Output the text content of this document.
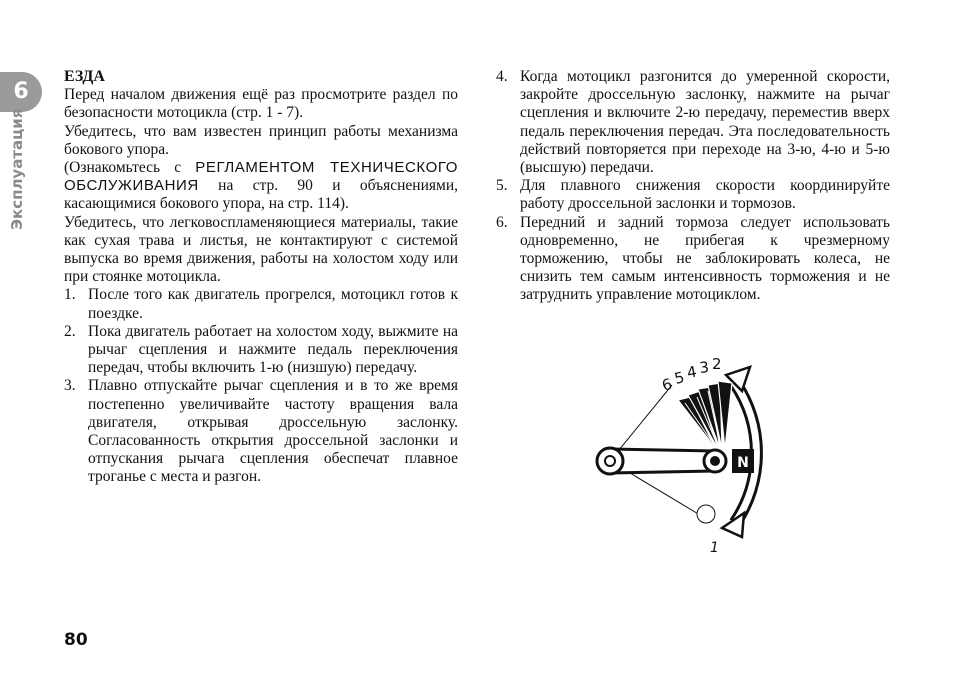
6
Эксплуатация

ЕЗДА

Перед началом движения ещё раз просмотрите раздел по безопасности мотоцикла (стр. 1 - 7).

Убедитесь, что вам известен принцип работы механизма бокового упора.

(Ознакомьтесь с РЕГЛАМЕНТОМ ТЕХНИЧЕСКОГО ОБСЛУЖИВАНИЯ на стр. 90 и объяснениями, касающимися бокового упора, на стр. 114).

Убедитесь, что легковоспламеняющиеся материалы, такие как сухая трава и листья, не контактируют с системой выпуска во время движения, работы на холостом ходу или при стоянке мотоцикла.

1. После того как двигатель прогрелся, мотоцикл готов к поездке.
2. Пока двигатель работает на холостом ходу, выжмите на рычаг сцепления и нажмите педаль переключения передач, чтобы включить 1-ю (низшую) передачу.
3. Плавно отпускайте рычаг сцепления и в то же время постепенно увеличивайте частоту вращения вала двигателя, открывая дроссельную заслонку. Согласованность открытия дроссельной заслонки и отпускания рычага сцепления обеспечат плавное троганье с места и разгон.
4. Когда мотоцикл разгонится до умеренной скорости, закройте дроссельную заслонку, нажмите на рычаг сцепления и включите 2-ю передачу, переместив вверх педаль переключения передач. Эта последовательность действий повторяется при переходе на 3-ю, 4-ю и 5-ю (высшую) передачи.
5. Для плавного снижения скорости координируйте работу дроссельной заслонки и тормозов.
6. Передний и задний тормоза следует использовать одновременно, не прибегая к чрезмерному торможению, чтобы не заблокировать колеса, не снизить тем самым интенсивность торможения и не затруднить управление мотоциклом.
N
6
5 4 3 2
1
80
